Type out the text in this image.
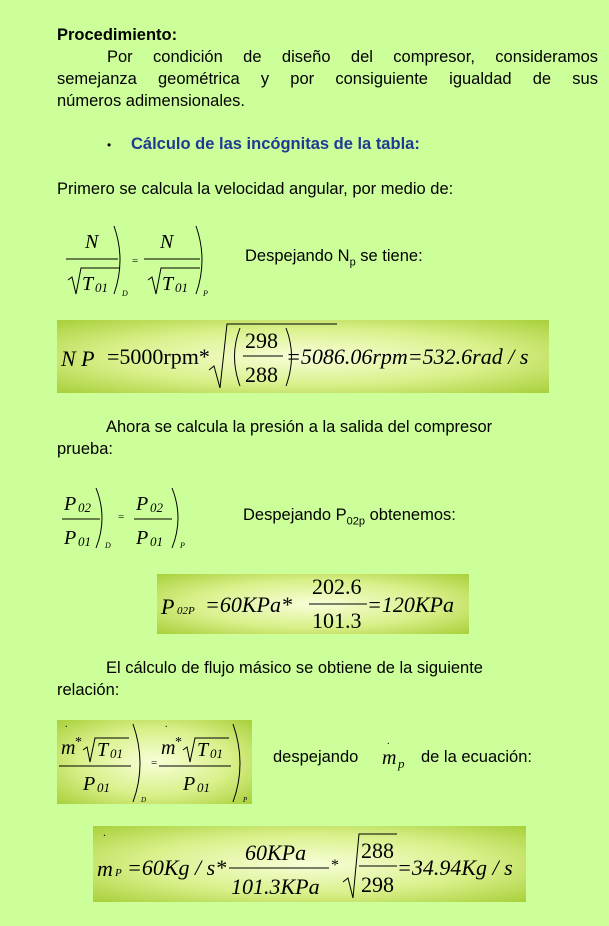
Procedimiento:
Por condición de diseño del compresor, consideramos
semejanza geométrica y por consiguiente igualdad de sus
números adimensionales.
• Cálculo de las incógnitas de la tabla:
Primero se calcula la velocidad angular, por medio de:
N
T 01 D
=
N
T 01 P
Despejando $N_p$ se tiene:
N P =5000rpm*
298
288
=5086.06rpm=532.6rad / s
Ahora se calcula la presión a la salida del compresor
prueba:
P 02
P 01 D
=
P 02
P 01 P
Despejando $P_{02p}$ obtenemos:
P 02P =60KPa*
202.6
101.3
=120KPa
El cálculo de flujo másico se obtiene de la siguiente
relación:
.
m * T 01
P 01
D
=
.
m * T 01
P 01
P
despejando
.
m p de la ecuación:
.
m P =60Kg / s*
60KPa
101.3KPa
*
288
298
=34.94Kg / s
